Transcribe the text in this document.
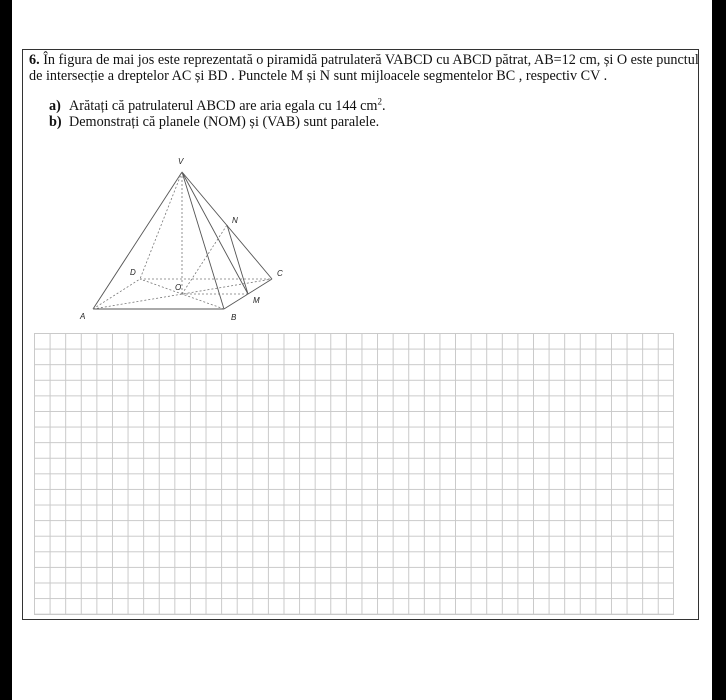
6. În figura de mai jos este reprezentată o piramidă patrulateră VABCD cu ABCD pătrat, AB=12 cm, și O este punctul de intersecție a dreptelor AC și BD . Punctele M și N sunt mijloacele segmentelor BC , respectiv CV .
a) Arătați că patrulaterul ABCD are aria egala cu 144 $cm^2$.
b) Demonstrați că planele (NOM) și (VAB) sunt paralele.
V
N
D	C
O
M
A	B
